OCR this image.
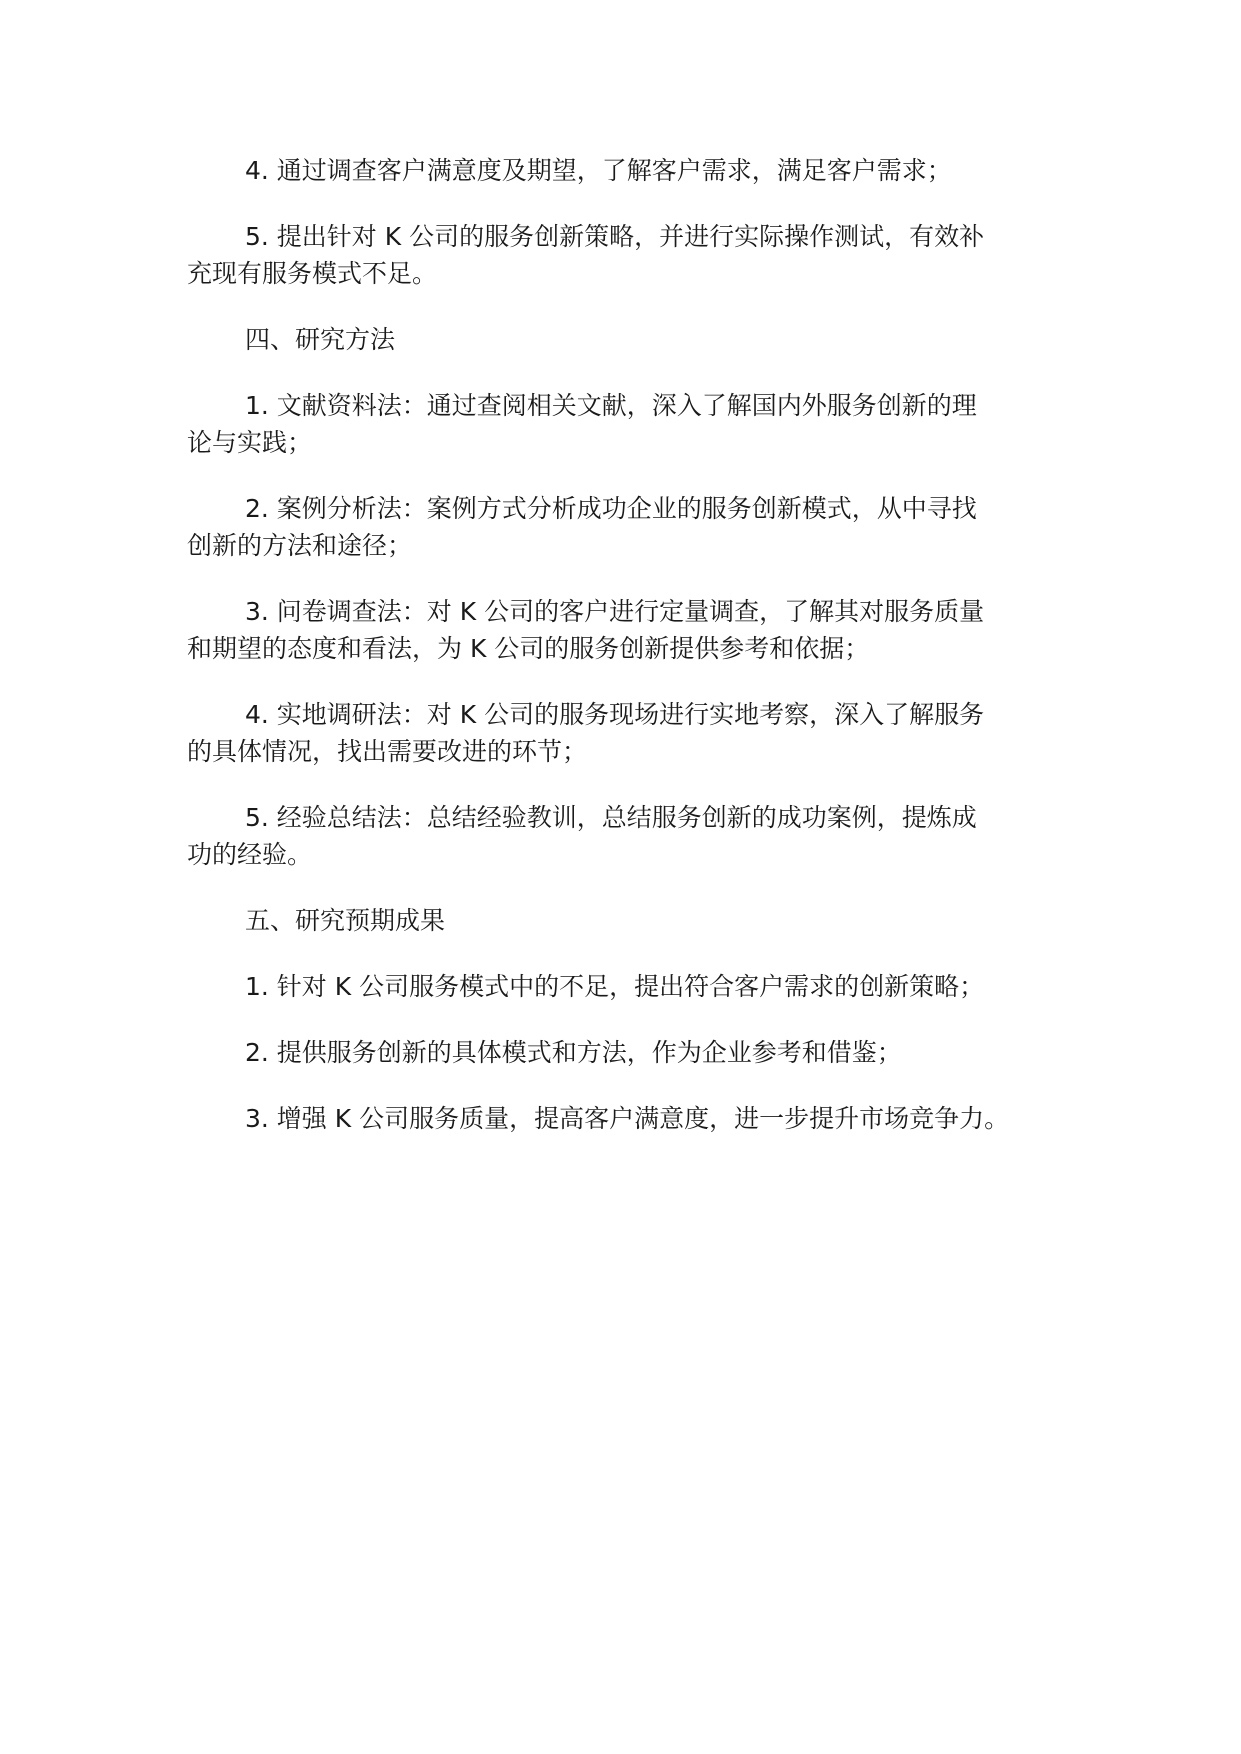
4. 通过调查客户满意度及期望，了解客户需求，满足客户需求；

5. 提出针对 K 公司的服务创新策略，并进行实际操作测试，有效补
充现有服务模式不足。

四、研究方法

1. 文献资料法：通过查阅相关文献，深入了解国内外服务创新的理
论与实践；

2. 案例分析法：案例方式分析成功企业的服务创新模式，从中寻找
创新的方法和途径；

3. 问卷调查法：对 K 公司的客户进行定量调查，了解其对服务质量
和期望的态度和看法，为 K 公司的服务创新提供参考和依据；

4. 实地调研法：对 K 公司的服务现场进行实地考察，深入了解服务
的具体情况，找出需要改进的环节；

5. 经验总结法：总结经验教训，总结服务创新的成功案例，提炼成
功的经验。

五、研究预期成果

1. 针对 K 公司服务模式中的不足，提出符合客户需求的创新策略；

2. 提供服务创新的具体模式和方法，作为企业参考和借鉴；

3. 增强 K 公司服务质量，提高客户满意度，进一步提升市场竞争力。
